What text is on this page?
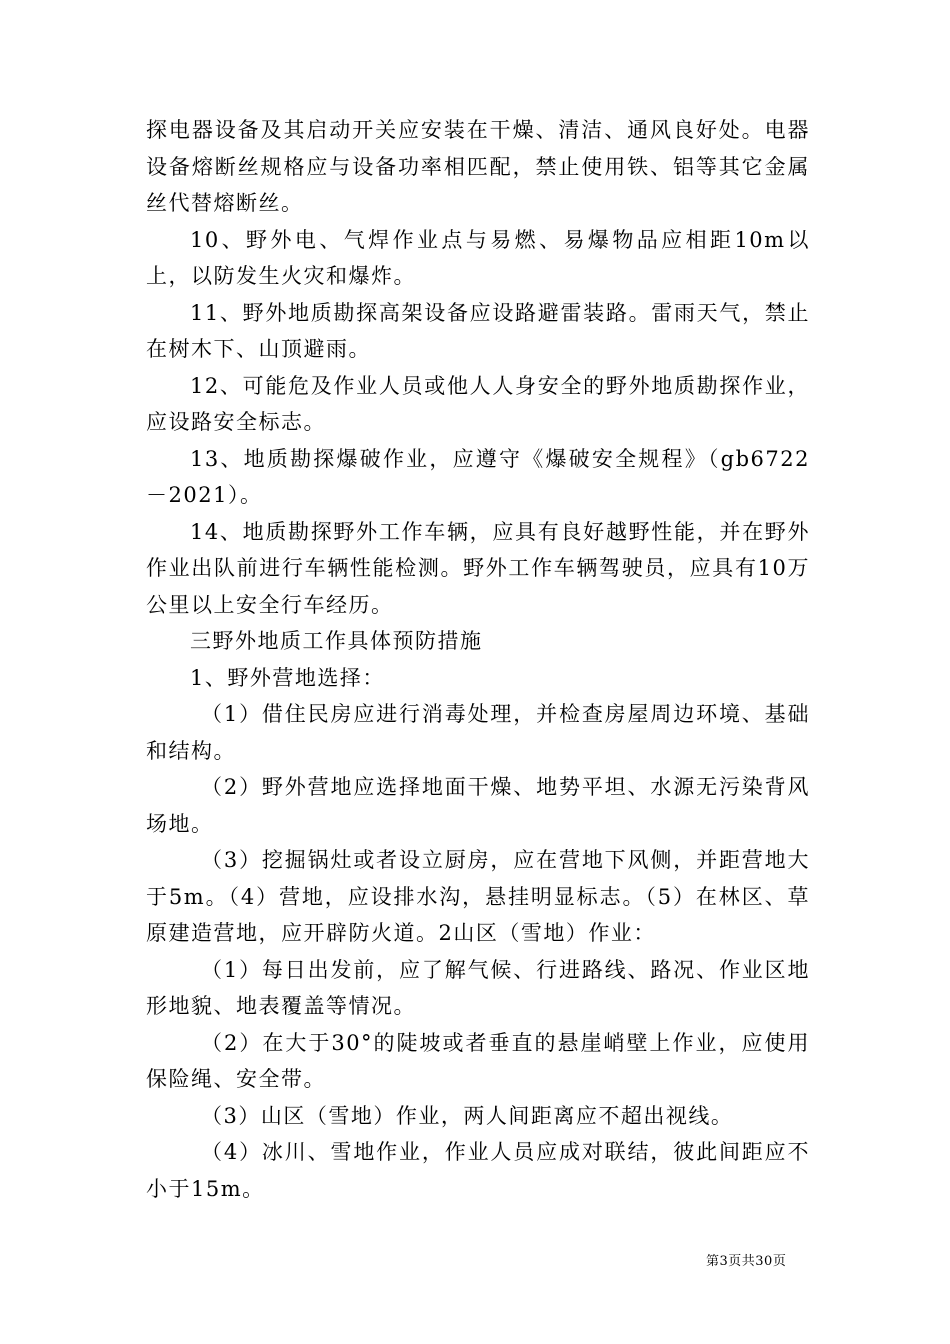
探电器设备及其启动开关应安装在干燥、清洁、通风良好处。电器设备熔断丝规格应与设备功率相匹配，禁止使用铁、铝等其它金属丝代替熔断丝。

10、野外电、气焊作业点与易燃、易爆物品应相距10m以上，以防发生火灾和爆炸。

11、野外地质勘探高架设备应设路避雷装路。雷雨天气，禁止在树木下、山顶避雨。

12、可能危及作业人员或他人人身安全的野外地质勘探作业，应设路安全标志。

13、地质勘探爆破作业，应遵守《爆破安全规程》（gb6722－2021）。

14、地质勘探野外工作车辆，应具有良好越野性能，并在野外作业出队前进行车辆性能检测。野外工作车辆驾驶员，应具有10万公里以上安全行车经历。

三野外地质工作具体预防措施

1、野外营地选择：

（1）借住民房应进行消毒处理，并检查房屋周边环境、基础和结构。

（2）野外营地应选择地面干燥、地势平坦、水源无污染背风场地。

（3）挖掘锅灶或者设立厨房，应在营地下风侧，并距营地大于5m。（4）营地，应设排水沟，悬挂明显标志。（5）在林区、草原建造营地，应开辟防火道。2山区（雪地）作业：

（1）每日出发前，应了解气候、行进路线、路况、作业区地形地貌、地表覆盖等情况。

（2）在大于30°的陡坡或者垂直的悬崖峭壁上作业，应使用保险绳、安全带。

（3）山区（雪地）作业，两人间距离应不超出视线。

（4）冰川、雪地作业，作业人员应成对联结，彼此间距应不小于15m。

第3页共30页
